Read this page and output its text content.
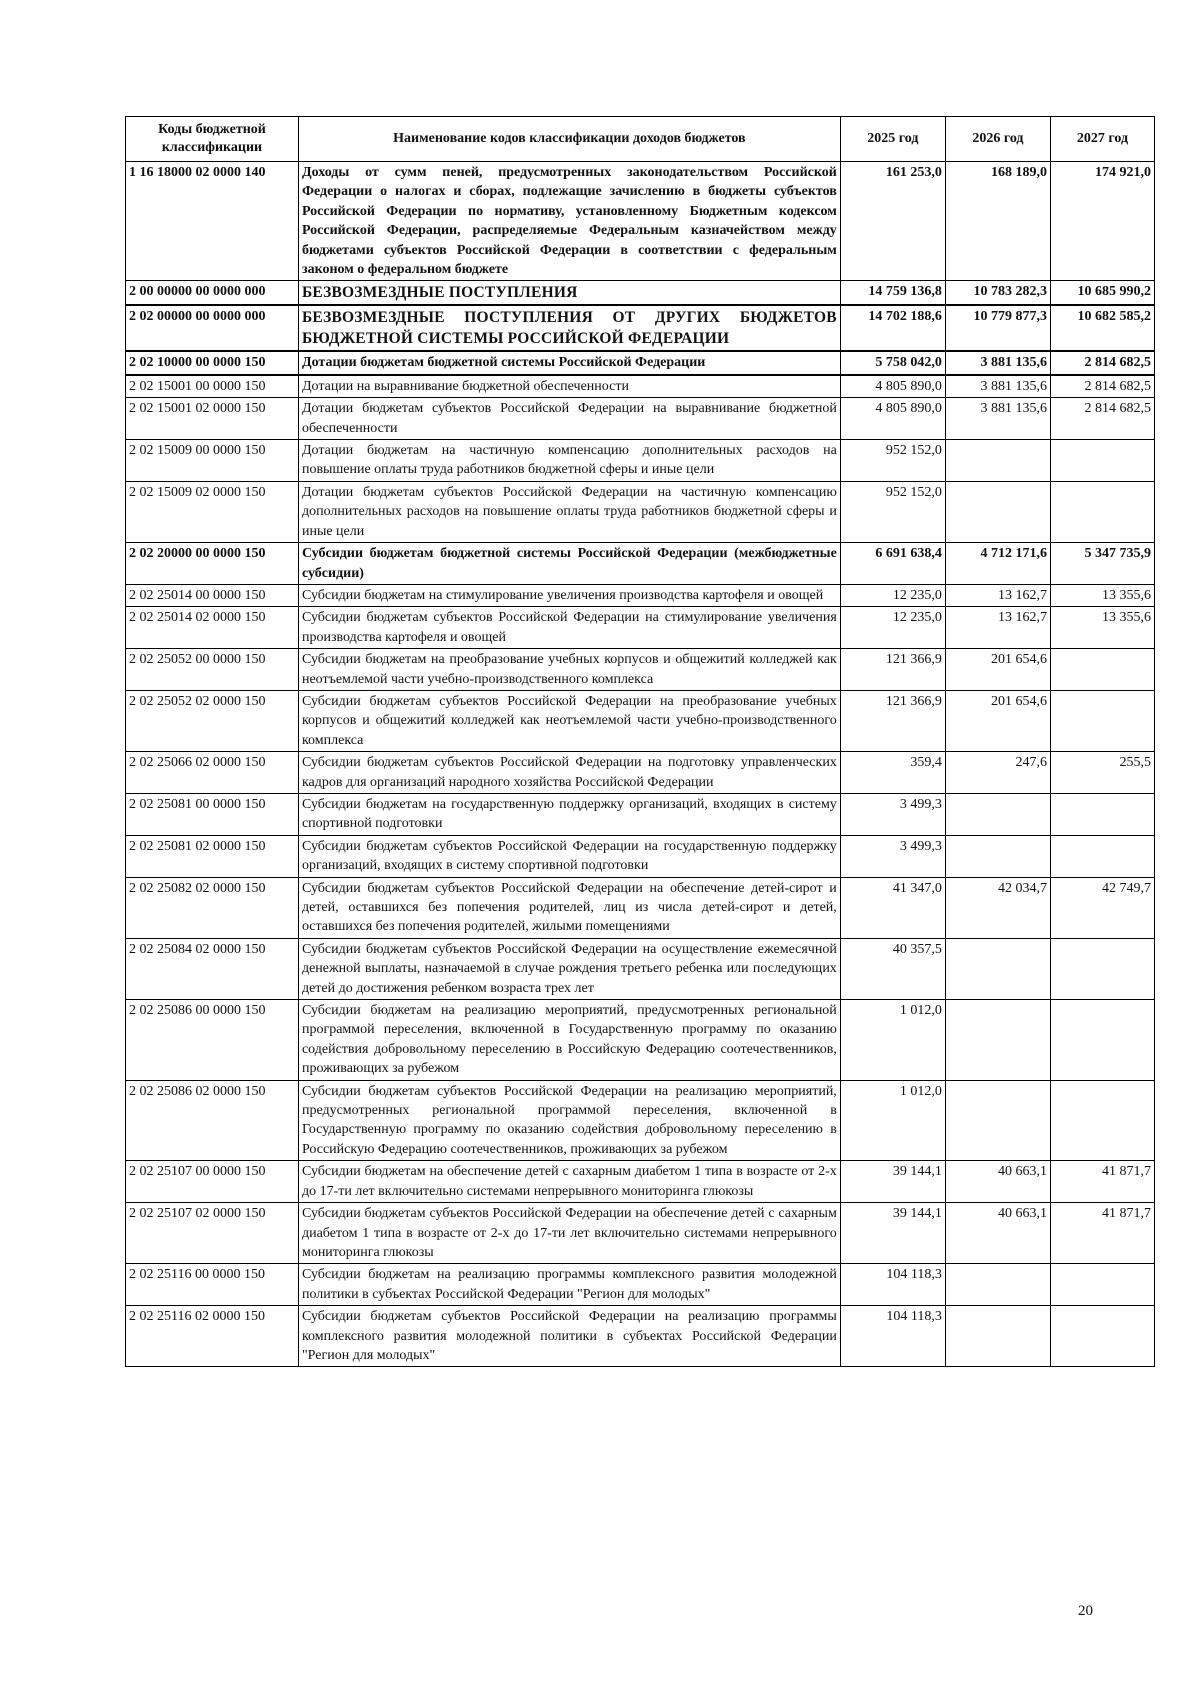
Коды бюджетной классификации	Наименование кодов классификации доходов бюджетов	2025 год	2026 год	2027 год
1 16 18000 02 0000 140	Доходы от сумм пеней, предусмотренных законодательством Российской Федерации о налогах и сборах, подлежащие зачислению в бюджеты субъектов Российской Федерации по нормативу, установленному Бюджетным кодексом Российской Федерации, распределяемые Федеральным казначейством между бюджетами субъектов Российской Федерации в соответствии с федеральным законом о федеральном бюджете	161 253,0	168 189,0	174 921,0
2 00 00000 00 0000 000	БЕЗВОЗМЕЗДНЫЕ ПОСТУПЛЕНИЯ	14 759 136,8	10 783 282,3	10 685 990,2
2 02 00000 00 0000 000	БЕЗВОЗМЕЗДНЫЕ ПОСТУПЛЕНИЯ ОТ ДРУГИХ БЮДЖЕТОВ БЮДЖЕТНОЙ СИСТЕМЫ РОССИЙСКОЙ ФЕДЕРАЦИИ	14 702 188,6	10 779 877,3	10 682 585,2
2 02 10000 00 0000 150	Дотации бюджетам бюджетной системы Российской Федерации	5 758 042,0	3 881 135,6	2 814 682,5
2 02 15001 00 0000 150	Дотации на выравнивание бюджетной обеспеченности	4 805 890,0	3 881 135,6	2 814 682,5
2 02 15001 02 0000 150	Дотации бюджетам субъектов Российской Федерации на выравнивание бюджетной обеспеченности	4 805 890,0	3 881 135,6	2 814 682,5
2 02 15009 00 0000 150	Дотации бюджетам на частичную компенсацию дополнительных расходов на повышение оплаты труда работников бюджетной сферы и иные цели	952 152,0		
2 02 15009 02 0000 150	Дотации бюджетам субъектов Российской Федерации на частичную компенсацию дополнительных расходов на повышение оплаты труда работников бюджетной сферы и иные цели	952 152,0		
2 02 20000 00 0000 150	Субсидии бюджетам бюджетной системы Российской Федерации (межбюджетные субсидии)	6 691 638,4	4 712 171,6	5 347 735,9
2 02 25014 00 0000 150	Субсидии бюджетам на стимулирование увеличения производства картофеля и овощей	12 235,0	13 162,7	13 355,6
2 02 25014 02 0000 150	Субсидии бюджетам субъектов Российской Федерации на стимулирование увеличения производства картофеля и овощей	12 235,0	13 162,7	13 355,6
2 02 25052 00 0000 150	Субсидии бюджетам на преобразование учебных корпусов и общежитий колледжей как неотъемлемой части учебно-производственного комплекса	121 366,9	201 654,6	
2 02 25052 02 0000 150	Субсидии бюджетам субъектов Российской Федерации на преобразование учебных корпусов и общежитий колледжей как неотъемлемой части учебно-производственного комплекса	121 366,9	201 654,6	
2 02 25066 02 0000 150	Субсидии бюджетам субъектов Российской Федерации на подготовку управленческих кадров для организаций народного хозяйства Российской Федерации	359,4	247,6	255,5
2 02 25081 00 0000 150	Субсидии бюджетам на государственную поддержку организаций, входящих в систему спортивной подготовки	3 499,3		
2 02 25081 02 0000 150	Субсидии бюджетам субъектов Российской Федерации на государственную поддержку организаций, входящих в систему спортивной подготовки	3 499,3		
2 02 25082 02 0000 150	Субсидии бюджетам субъектов Российской Федерации на обеспечение детей-сирот и детей, оставшихся без попечения родителей, лиц из числа детей-сирот и детей, оставшихся без попечения родителей, жилыми помещениями	41 347,0	42 034,7	42 749,7
2 02 25084 02 0000 150	Субсидии бюджетам субъектов Российской Федерации на осуществление ежемесячной денежной выплаты, назначаемой в случае рождения третьего ребенка или последующих детей до достижения ребенком возраста трех лет	40 357,5		
2 02 25086 00 0000 150	Субсидии бюджетам на реализацию мероприятий, предусмотренных региональной программой переселения, включенной в Государственную программу по оказанию содействия добровольному переселению в Российскую Федерацию соотечественников, проживающих за рубежом	1 012,0		
2 02 25086 02 0000 150	Субсидии бюджетам субъектов Российской Федерации на реализацию мероприятий, предусмотренных региональной программой переселения, включенной в Государственную программу по оказанию содействия добровольному переселению в Российскую Федерацию соотечественников, проживающих за рубежом	1 012,0		
2 02 25107 00 0000 150	Субсидии бюджетам на обеспечение детей с сахарным диабетом 1 типа в возрасте от 2-х до 17-ти лет включительно системами непрерывного мониторинга глюкозы	39 144,1	40 663,1	41 871,7
2 02 25107 02 0000 150	Субсидии бюджетам субъектов Российской Федерации на обеспечение детей с сахарным диабетом 1 типа в возрасте от 2-х до 17-ти лет включительно системами непрерывного мониторинга глюкозы	39 144,1	40 663,1	41 871,7
2 02 25116 00 0000 150	Субсидии бюджетам на реализацию программы комплексного развития молодежной политики в субъектах Российской Федерации "Регион для молодых"	104 118,3		
2 02 25116 02 0000 150	Субсидии бюджетам субъектов Российской Федерации на реализацию программы комплексного развития молодежной политики в субъектах Российской Федерации "Регион для молодых"	104 118,3		
20
